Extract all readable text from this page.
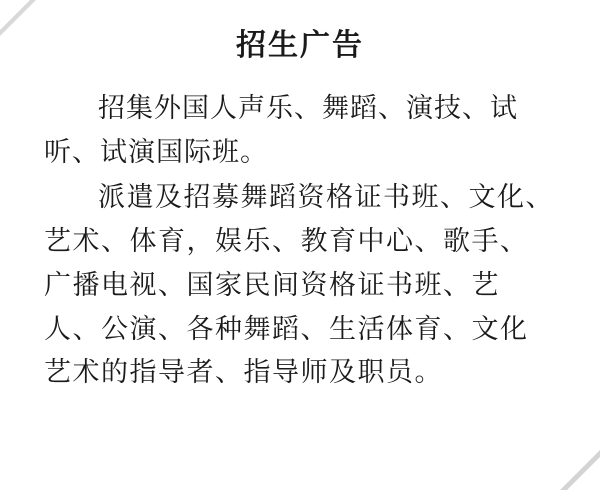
招生广告

招集外国人声乐、舞蹈、演技、试听、试演国际班。

派遣及招募舞蹈资格证书班、文化、艺术、体育，娱乐、教育中心、歌手、广播电视、国家民间资格证书班、艺人、公演、各种舞蹈、生活体育、文化艺术的指导者、指导师及职员。
